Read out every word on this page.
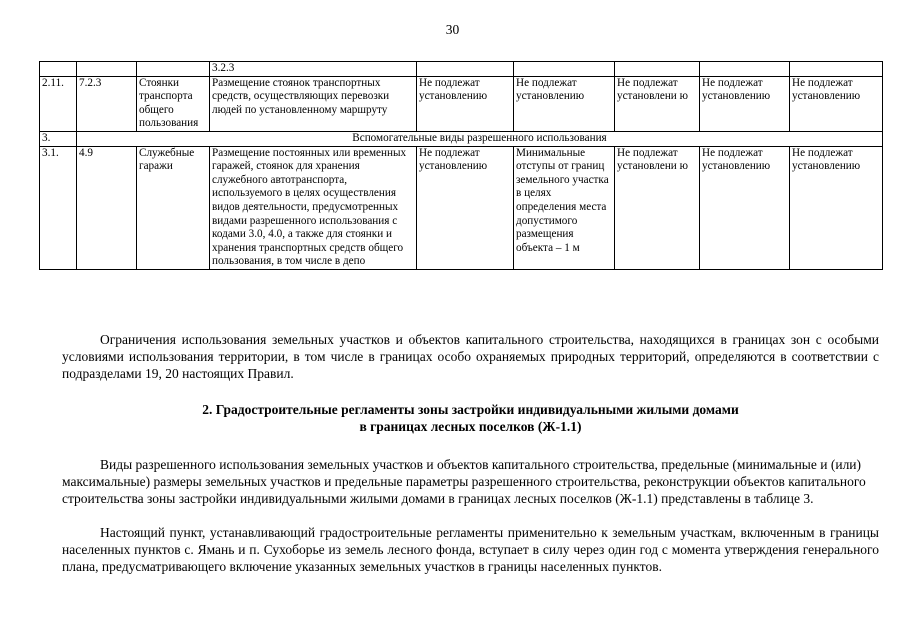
30
			3.2.3					
2.11.	7.2.3	Стоянки транспорта общего пользования	Размещение стоянок транспортных средств, осуществляющих перевозки людей по установленному маршруту	Не подлежат установлению	Не подлежат установлению	Не подлежат установлени ю	Не подлежат установлению	Не подлежат установлению
3.	Вспомогательные виды разрешенного использования							
3.1.	4.9	Служебные гаражи	Размещение постоянных или временных гаражей, стоянок для хранения служебного автотранспорта, используемого в целях осуществления видов деятельности, предусмотренных видами разрешенного использования с кодами 3.0, 4.0, а также для стоянки и хранения транспортных средств общего пользования, в том числе в депо	Не подлежат установлению	Минимальные отступы от границ земельного участка в целях определения места допустимого размещения объекта – 1 м	Не подлежат установлени ю	Не подлежат установлению	Не подлежат установлению

Ограничения использования земельных участков и объектов капитального строительства, находящихся в границах зон с особыми условиями использования территории, в том числе в границах особо охраняемых природных территорий, определяются в соответствии с подразделами 19, 20 настоящих Правил.

2. Градостроительные регламенты зоны застройки индивидуальными жилыми домами
в границах лесных поселков (Ж-1.1)

Виды разрешенного использования земельных участков и объектов капитального строительства, предельные (минимальные и (или) максимальные) размеры земельных участков и предельные параметры разрешенного строительства, реконструкции объектов капитального строительства зоны застройки индивидуальными жилыми домами в границах лесных поселков (Ж-1.1) представлены в таблице 3.

Настоящий пункт, устанавливающий градостроительные регламенты применительно к земельным участкам, включенным в границы населенных пунктов с. Ямань и п. Сухоборье из земель лесного фонда, вступает в силу через один год с момента утверждения генерального плана, предусматривающего включение указанных земельных участков в границы населенных пунктов.
